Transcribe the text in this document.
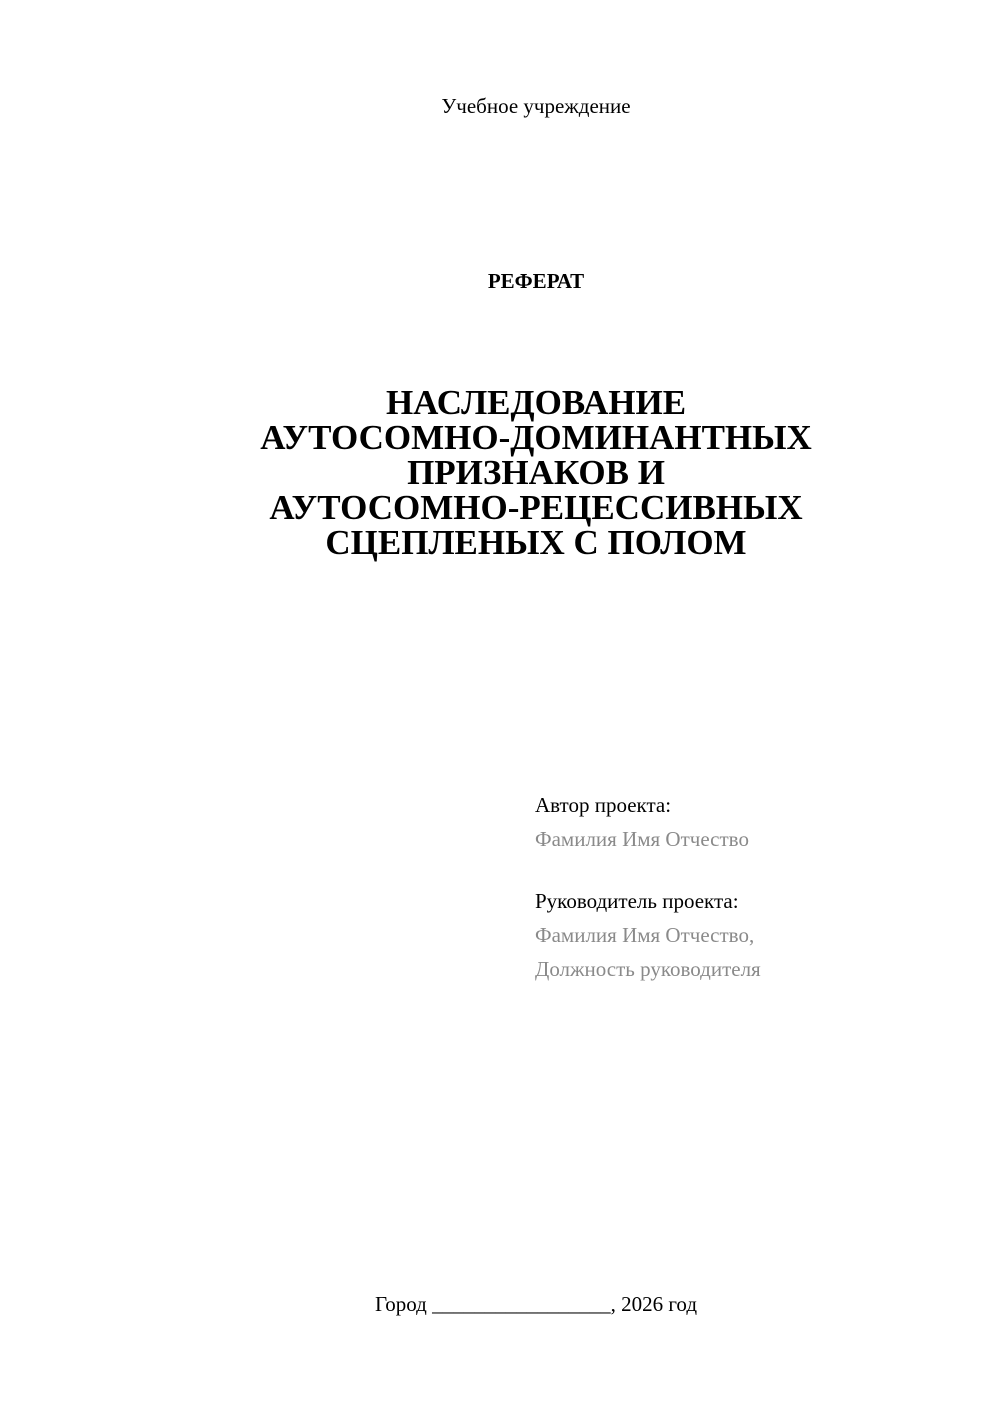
Учебное учреждение
РЕФЕРАТ
НАСЛЕДОВАНИЕ
АУТОСОМНО-ДОМИНАНТНЫХ
ПРИЗНАКОВ И
АУТОСОМНО-РЕЦЕССИВНЫХ
СЦЕПЛЕНЫХ С ПОЛОМ
Автор проекта:
Фамилия Имя Отчество
Руководитель проекта:
Фамилия Имя Отчество,
Должность руководителя
Город _________________, 2026 год
